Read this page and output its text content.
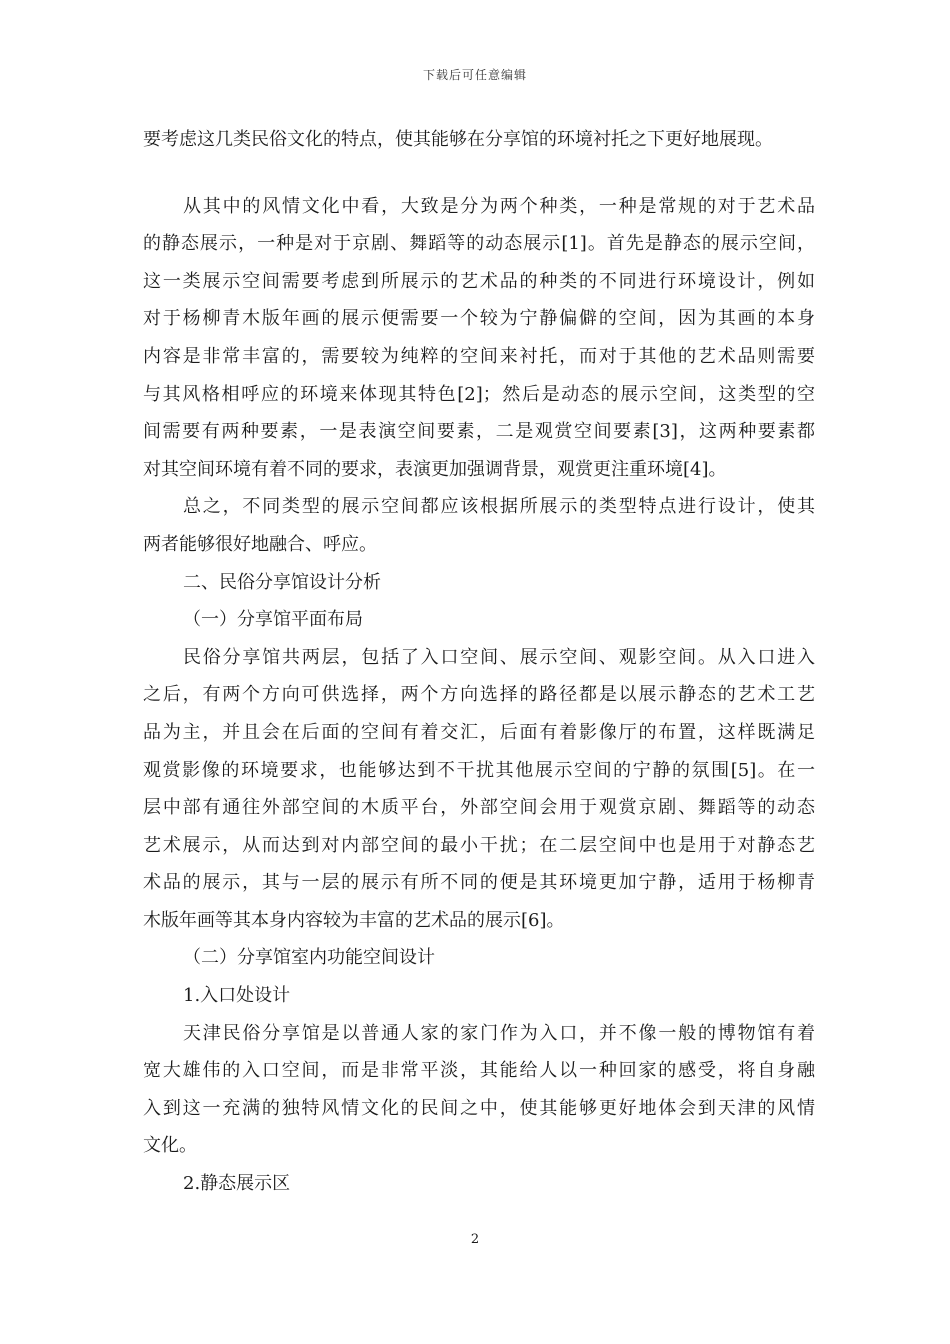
下载后可任意编辑
要考虑这几类民俗文化的特点，使其能够在分享馆的环境衬托之下更好地展现。
从其中的风情文化中看，大致是分为两个种类，一种是常规的对于艺术品
的静态展示，一种是对于京剧、舞蹈等的动态展示[1]。首先是静态的展示空间，
这一类展示空间需要考虑到所展示的艺术品的种类的不同进行环境设计，例如
对于杨柳青木版年画的展示便需要一个较为宁静偏僻的空间，因为其画的本身
内容是非常丰富的，需要较为纯粹的空间来衬托，而对于其他的艺术品则需要
与其风格相呼应的环境来体现其特色[2]；然后是动态的展示空间，这类型的空
间需要有两种要素，一是表演空间要素，二是观赏空间要素[3]，这两种要素都
对其空间环境有着不同的要求，表演更加强调背景，观赏更注重环境[4]。
总之，不同类型的展示空间都应该根据所展示的类型特点进行设计，使其
两者能够很好地融合、呼应。
二、民俗分享馆设计分析
（一）分享馆平面布局
民俗分享馆共两层，包括了入口空间、展示空间、观影空间。从入口进入
之后，有两个方向可供选择，两个方向选择的路径都是以展示静态的艺术工艺
品为主，并且会在后面的空间有着交汇，后面有着影像厅的布置，这样既满足
观赏影像的环境要求，也能够达到不干扰其他展示空间的宁静的氛围[5]。在一
层中部有通往外部空间的木质平台，外部空间会用于观赏京剧、舞蹈等的动态
艺术展示，从而达到对内部空间的最小干扰；在二层空间中也是用于对静态艺
术品的展示，其与一层的展示有所不同的便是其环境更加宁静，适用于杨柳青
木版年画等其本身内容较为丰富的艺术品的展示[6]。
（二）分享馆室内功能空间设计
1.入口处设计
天津民俗分享馆是以普通人家的家门作为入口，并不像一般的博物馆有着
宽大雄伟的入口空间，而是非常平淡，其能给人以一种回家的感受，将自身融
入到这一充满的独特风情文化的民间之中，使其能够更好地体会到天津的风情
文化。
2.静态展示区
2
